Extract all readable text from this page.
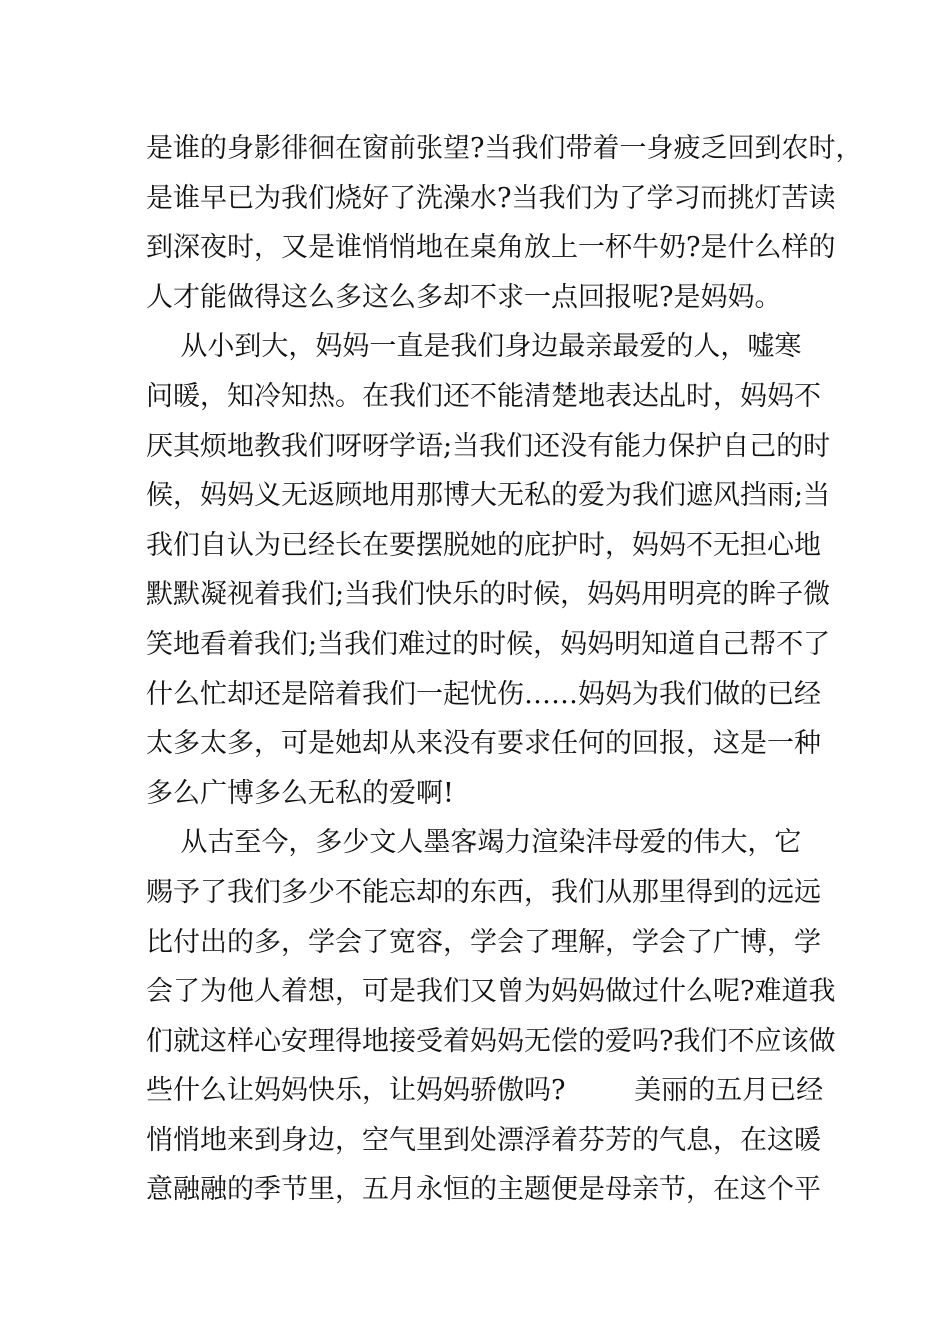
是谁的身影徘徊在窗前张望?当我们带着一身疲乏回到农时，
是谁早已为我们烧好了洗澡水?当我们为了学习而挑灯苦读
到深夜时，又是谁悄悄地在桌角放上一杯牛奶?是什么样的
人才能做得这么多这么多却不求一点回报呢?是妈妈。
从小到大，妈妈一直是我们身边最亲最爱的人，嘘寒
问暖，知冷知热。在我们还不能清楚地表达乩时，妈妈不
厌其烦地教我们呀呀学语;当我们还没有能力保护自己的时
候，妈妈义无返顾地用那博大无私的爱为我们遮风挡雨;当
我们自认为已经长在要摆脱她的庇护时，妈妈不无担心地
默默凝视着我们;当我们快乐的时候，妈妈用明亮的眸子微
笑地看着我们;当我们难过的时候，妈妈明知道自己帮不了
什么忙却还是陪着我们一起忧伤……妈妈为我们做的已经
太多太多，可是她却从来没有要求任何的回报，这是一种
多么广博多么无私的爱啊!
从古至今，多少文人墨客竭力渲染沣母爱的伟大，它
赐予了我们多少不能忘却的东西，我们从那里得到的远远
比付出的多，学会了宽容，学会了理解，学会了广博，学
会了为他人着想，可是我们又曾为妈妈做过什么呢?难道我
们就这样心安理得地接受着妈妈无偿的爱吗?我们不应该做
些什么让妈妈快乐，让妈妈骄傲吗?        美丽的五月已经
悄悄地来到身边，空气里到处漂浮着芬芳的气息，在这暖
意融融的季节里，五月永恒的主题便是母亲节，在这个平
